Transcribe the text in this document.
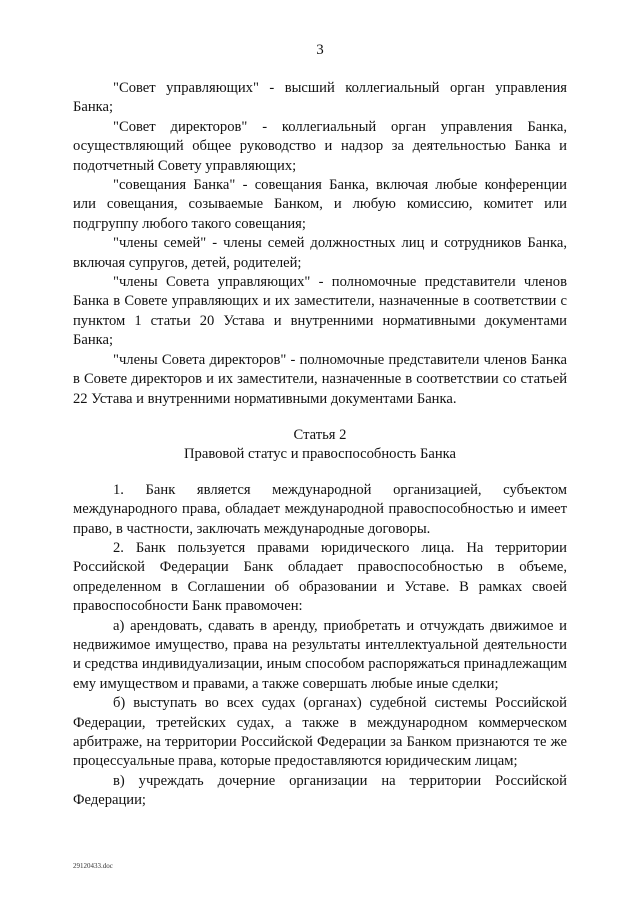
3

"Совет управляющих" - высший коллегиальный орган управления Банка;

"Совет директоров" - коллегиальный орган управления Банка, осуществляющий общее руководство и надзор за деятельностью Банка и подотчетный Совету управляющих;

"совещания Банка" - совещания Банка, включая любые конференции или совещания, созываемые Банком, и любую комиссию, комитет или подгруппу любого такого совещания;

"члены семей" - члены семей должностных лиц и сотрудников Банка, включая супругов, детей, родителей;

"члены Совета управляющих" - полномочные представители членов Банка в Совете управляющих и их заместители, назначенные в соответствии с пунктом 1 статьи 20 Устава и внутренними нормативными документами Банка;

"члены Совета директоров" - полномочные представители членов Банка в Совете директоров и их заместители, назначенные в соответствии со статьей 22 Устава и внутренними нормативными документами Банка.

Статья 2

Правовой статус и правоспособность Банка

1. Банк является международной организацией, субъектом международного права, обладает международной правоспособностью и имеет право, в частности, заключать международные договоры.

2. Банк пользуется правами юридического лица. На территории Российской Федерации Банк обладает правоспособностью в объеме, определенном в Соглашении об образовании и Уставе. В рамках своей правоспособности Банк правомочен:

а) арендовать, сдавать в аренду, приобретать и отчуждать движимое и недвижимое имущество, права на результаты интеллектуальной деятельности и средства индивидуализации, иным способом распоряжаться принадлежащим ему имуществом и правами, а также совершать любые иные сделки;

б) выступать во всех судах (органах) судебной системы Российской Федерации, третейских судах, а также в международном коммерческом арбитраже, на территории Российской Федерации за Банком признаются те же процессуальные права, которые предоставляются юридическим лицам;

в) учреждать дочерние организации на территории Российской Федерации;

29120433.doc
